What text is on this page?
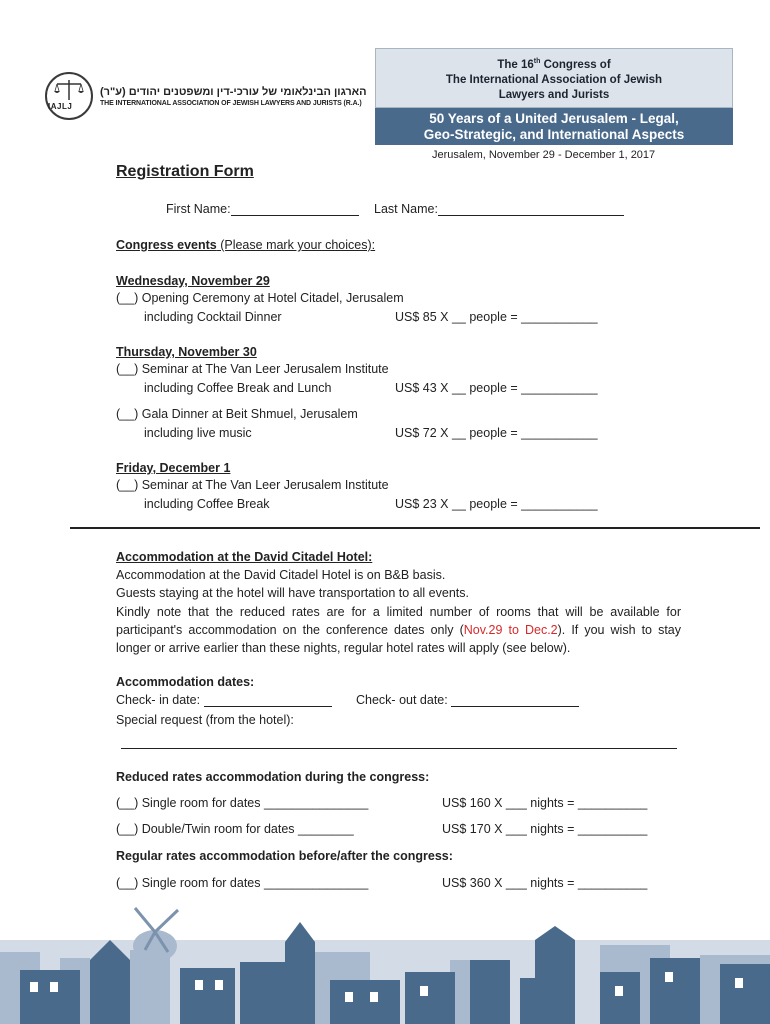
IAJLJ
הארגון הבינלאומי של עורכי-דין ומשפטנים יהודים (ע"ר)
THE INTERNATIONAL ASSOCIATION OF JEWISH LAWYERS AND JURISTS (R.A.)
The 16th Congress of
The International Association of Jewish
Lawyers and Jurists
50 Years of a United Jerusalem - Legal,
Geo-Strategic, and International Aspects
Jerusalem, November 29 - December 1, 2017
Registration Form
First Name:	Last Name:
Congress events (Please mark your choices):
Wednesday, November 29
(__) Opening Ceremony at Hotel Citadel, Jerusalem
including Cocktail Dinner	US$ 85 X __ people = ___________
Thursday, November 30
(__) Seminar at The Van Leer Jerusalem Institute
including Coffee Break and Lunch	US$ 43 X __ people = ___________
(__) Gala Dinner at Beit Shmuel, Jerusalem
including live music	US$ 72 X __ people = ___________
Friday, December 1
(__) Seminar at The Van Leer Jerusalem Institute
including Coffee Break	US$ 23 X __ people = ___________
Accommodation at the David Citadel Hotel:
Accommodation at the David Citadel Hotel is on B&B basis.
Guests staying at the hotel will have transportation to all events.
Kindly note that the reduced rates are for a limited number of rooms that will be available for participant's accommodation on the conference dates only (Nov.29 to Dec.2). If you wish to stay longer or arrive earlier than these nights, regular hotel rates will apply (see below).
Accommodation dates:
Check- in date:	Check- out date:
Special request (from the hotel):
Reduced rates accommodation during the congress:
(__) Single room for dates _______________	US$ 160 X ___ nights = __________
(__) Double/Twin room for dates ________	US$ 170 X ___ nights = __________
Regular rates accommodation before/after the congress:
(__) Single room for dates _______________	US$ 360 X ___ nights = __________
